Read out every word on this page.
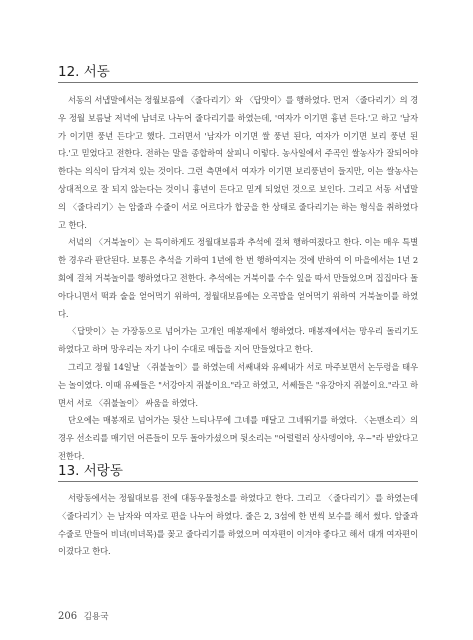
12. 서동

서동의 서냅말에서는 정월보름에 〈줄다리기〉와 〈답맛이〉를 행하였다. 먼저 〈줄다리기〉의 경우 정월 보름날 저녁에 남녀로 나누어 줄다리기를 하였는데, '여자가 이기면 흉년 든다.'고 하고 '남자가 이기면 풍년 든다'고 했다. 그러면서 '남자가 이기면 쌀 풍년 된다, 여자가 이기면 보리 풍년 된다.'고 믿었다고 전한다. 전하는 말을 종합하여 살피니 이렇다. 농사일에서 주곡인 쌀농사가 잘되어야 한다는 의식이 담겨져 있는 것이다. 그런 측면에서 여자가 이기면 보리풍년이 들지만, 이는 쌀농사는 상대적으로 잘 되지 않는다는 것이니 흉년이 든다고 믿게 되었던 것으로 보인다. 그리고 서동 서냅말의 〈줄다리기〉는 암줄과 수줄이 서로 어르다가 합궁을 한 상태로 줄다리기는 하는 형식을 취하였다고 한다.

서녘의 〈거북놀이〉는 특이하게도 정월대보름과 추석에 걸쳐 행하여졌다고 한다. 이는 매우 특별한 경우라 판단된다. 보통은 추석을 기하여 1년에 한 번 행하여지는 것에 반하여 이 마을에서는 1년 2회에 걸쳐 거북놀이를 행하였다고 전한다. 추석에는 거북이를 수수 잎을 따서 만들었으며 집집마다 돌아다니면서 떡과 술을 얻어먹기 위하여, 정월대보름에는 오곡밥을 얻어먹기 위하여 거북놀이를 하였다.

〈답맛이〉는 가장동으로 넘어가는 고개인 매봉재에서 행하였다. 매봉재에서는 망우리 돌리기도 하였다고 하며 망우리는 자기 나이 수대로 매듭을 지어 만들었다고 한다.

그리고 정월 14일날 〈쥐불놀이〉를 하였는데 서쌔내와 유쎄내가 서로 마주보면서 논두렁을 태우는 놀이였다. 이때 유쎄들은 "서강아지 쥐불이요."라고 하였고, 서쎄들은 "유강아지 쥐불이요."라고 하면서 서로 〈쥐불놀이〉 싸움을 하였다.

단오에는 매봉재로 넘어가는 뒷산 느티나무에 그네를 매달고 그네뛰기를 하였다. 〈논맨소리〉의 경우 선소리를 매기던 어른들이 모두 돌아가셨으며 뒷소리는 "어럴럴러 상사뎅이야, 우~"라 받았다고 전한다.

13. 서랑동

서랑동에서는 정월대보름 전에 대동우물청소를 하였다고 한다. 그리고 〈줄다리기〉를 하였는데 〈줄다리기〉는 남자와 여자로 편을 나누어 하였다. 줄은 2, 3섬에 한 번씩 보수를 해서 썼다. 암줄과 수줄로 만들어 비녀(비녀목)를 꽂고 줄다리기를 하였으며 여자편이 이겨야 좋다고 해서 대개 여자편이 이겼다고 한다.

206 김용국
